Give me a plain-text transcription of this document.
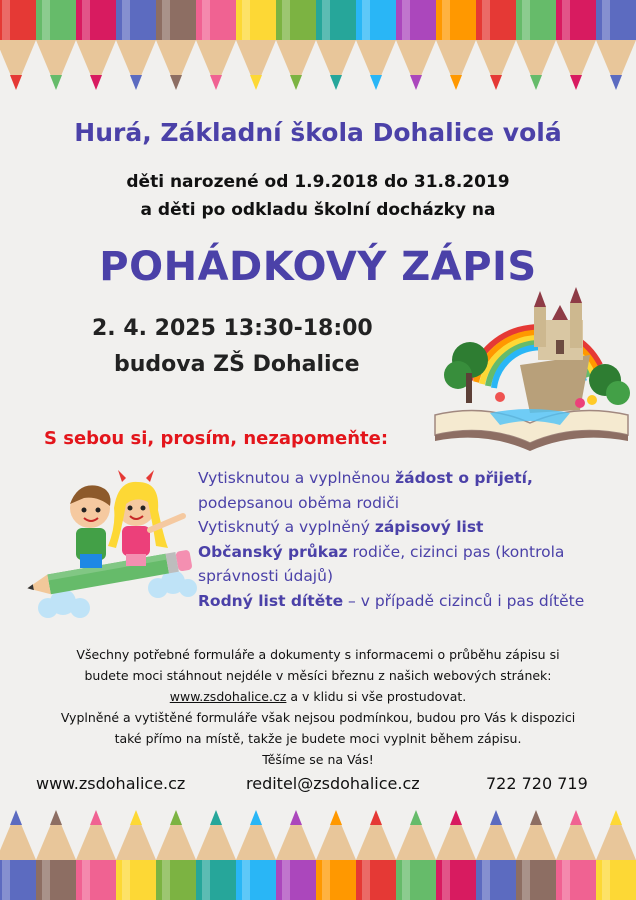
Hurá, Základní škola Dohalice volá
děti narozené od 1.9.2018 do 31.8.2019
a děti po odkladu školní docházky na
POHÁDKOVÝ ZÁPIS
2. 4. 2025 13:30-18:00
budova ZŠ Dohalice
S sebou si, prosím, nezapomeňte:
Vytisknutou a vyplněnou žádost o přijetí,
podepsanou oběma rodiči
Vytisknutý a vyplněný zápisový list
Občanský průkaz rodiče, cizinci pas (kontrola
správnosti údajů)
Rodný list dítěte – v případě cizinců i pas dítěte
Všechny potřebné formuláře a dokumenty s informacemi o průběhu zápisu si
budete moci stáhnout nejdéle v měsíci březnu z našich webových stránek:
www.zsdohalice.cz a v klidu si vše prostudovat.
Vyplněné a vytištěné formuláře však nejsou podmínkou, budou pro Vás k dispozici
také přímo na místě, takže je budete moci vyplnit během zápisu.
Těšíme se na Vás!
www.zsdohalice.cz	reditel@zsdohalice.cz	722 720 719
